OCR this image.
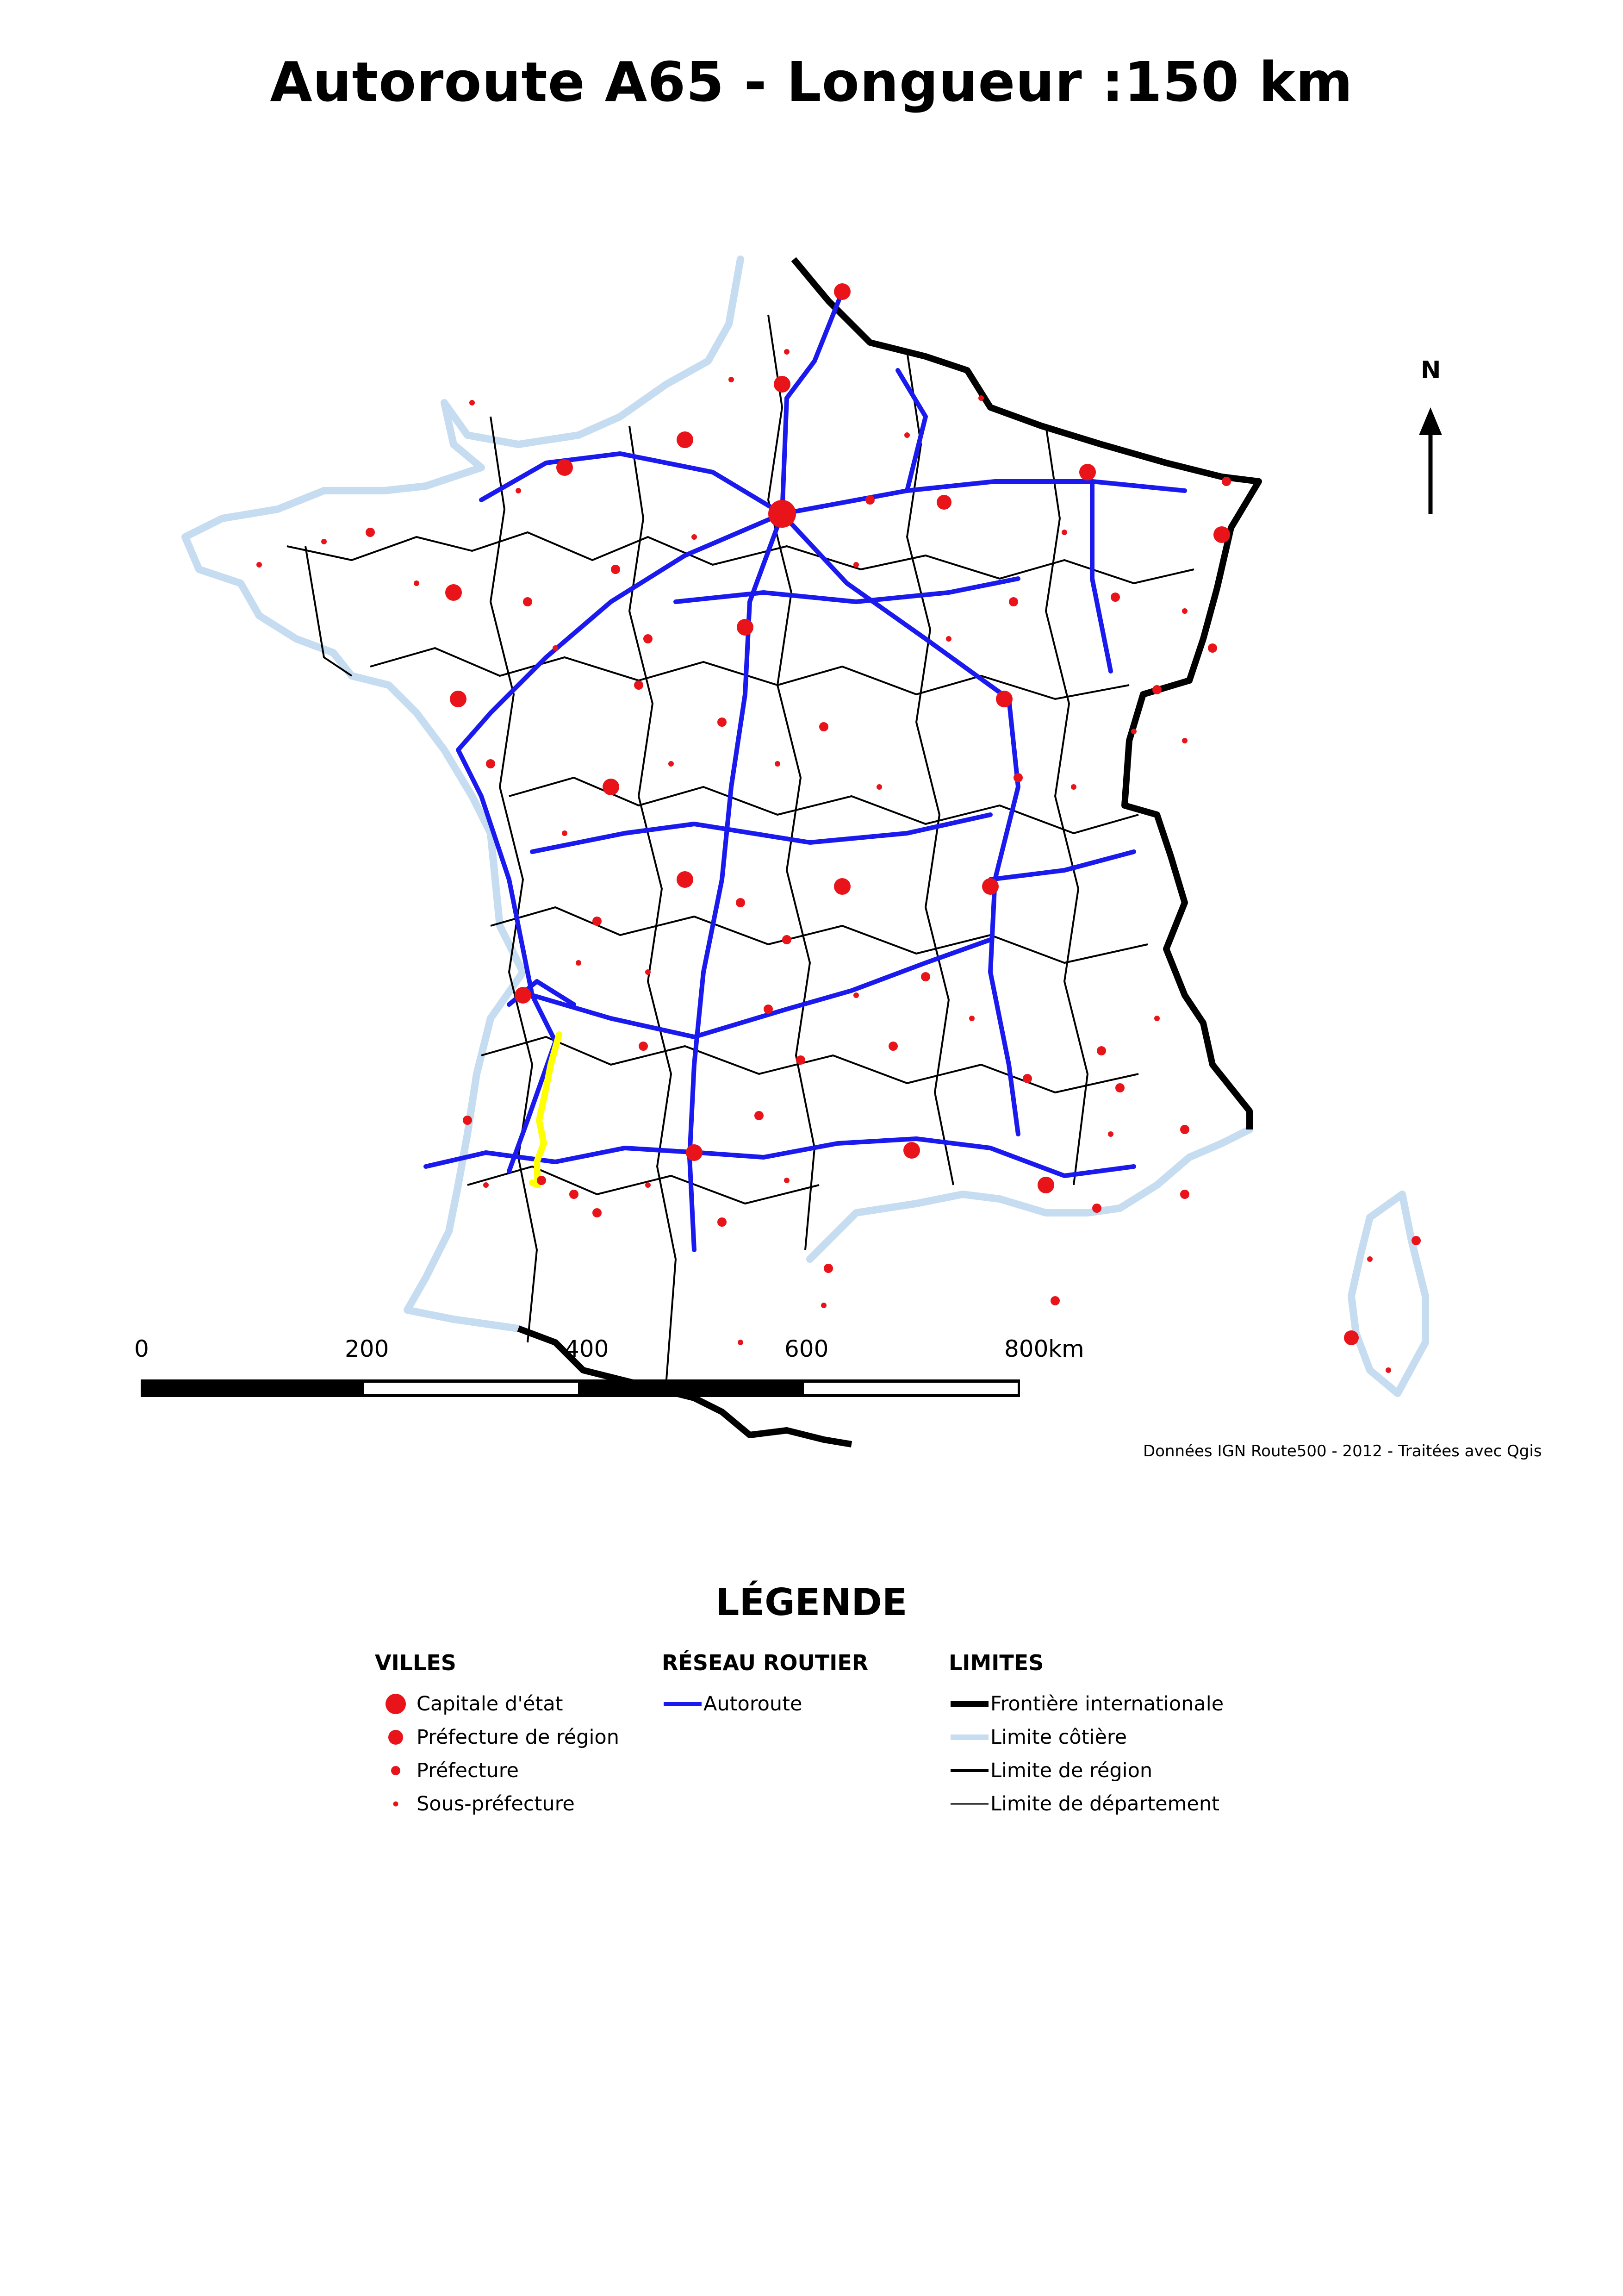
Autoroute A65 - Longueur :150 km
N
0	200	400	600	800 km
Données IGN Route500 - 2012 - Traitées avec Qgis
LÉGENDE
VILLES
Capitale d'état
Préfecture de région
Préfecture
Sous-préfecture
RÉSEAU ROUTIER
Autoroute
LIMITES
Frontière internationale
Limite côtière
Limite de région
Limite de département
